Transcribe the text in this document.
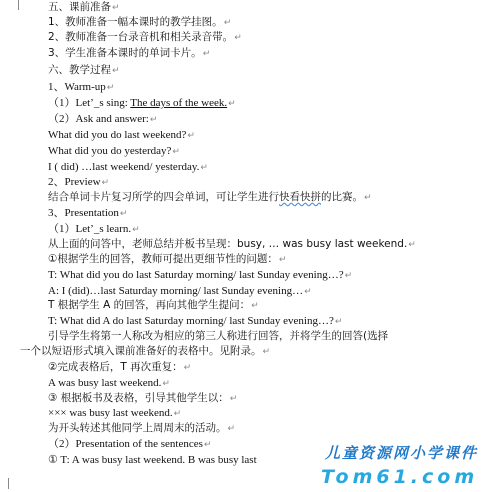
五、课前准备↵
1、教师准备一幅本课时的教学挂图。↵
2、教师准备一台录音机和相关录音带。↵
3、学生准备本课时的单词卡片。↵
六、教学过程↵
1、Warm-up↵
（1）Let’_s sing: The days of the week.↵
（2）Ask and answer:↵
What did you do last weekend?↵
What did you do yesterday?↵
I ( did) …last weekend/ yesterday.↵
2、Preview↵
结合单词卡片复习所学的四会单词，可让学生进行快看快拼的比赛。↵
3、Presentation↵
（1）Let’_s learn.↵
从上面的问答中，老师总结并板书呈现：busy, … was busy last weekend.↵
①根据学生的回答，教师可提出更细节性的问题：↵
T: What did you do last Saturday morning/ last Sunday evening…?↵
A: I (did)…last Saturday morning/ last Sunday evening…↵
T 根据学生 A 的回答，再向其他学生提问：↵
T: What did A do last Saturday morning/ last Sunday evening…?↵
引导学生将第一人称改为相应的第三人称进行回答，并将学生的回答(选择
一个以短语形式填入课前准备好的表格中。见附录。↵
②完成表格后，T 再次重复：↵
A was busy last weekend.↵
③ 根据板书及表格，引导其他学生以：↵
××× was busy last weekend.↵
为开头转述其他同学上周周末的活动。↵
（2）Presentation of the sentences↵
① T: A was busy last weekend. B was busy last	儿童资源网小学课件
Tom61.com
